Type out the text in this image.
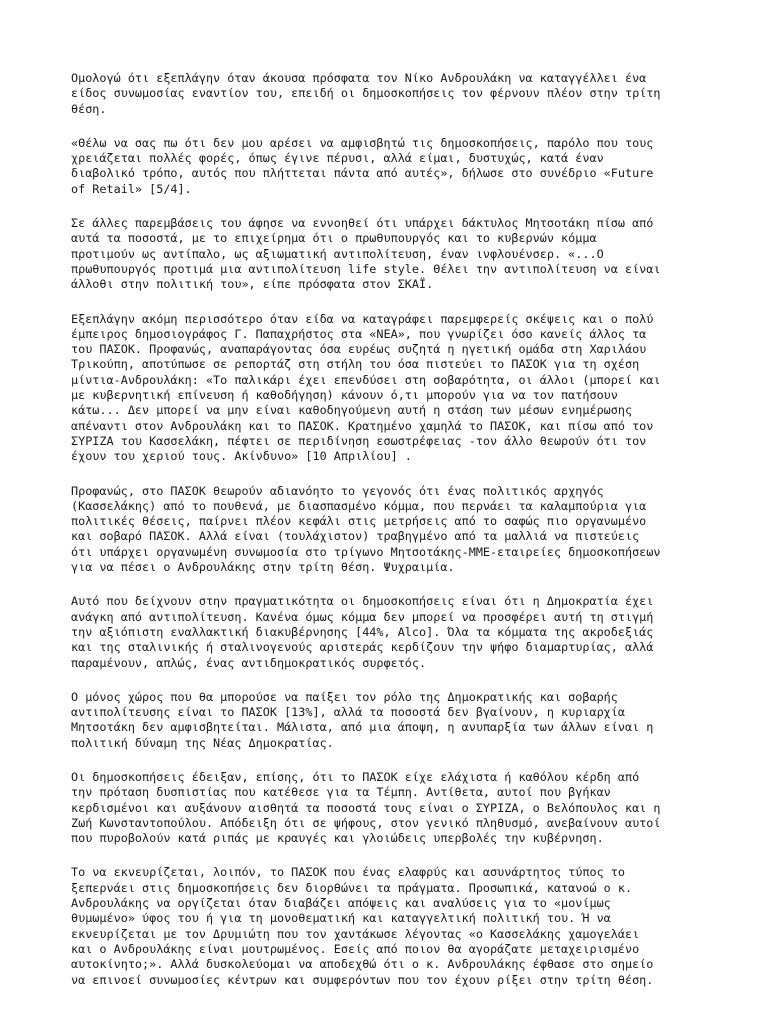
Ομολογώ ότι εξεπλάγην όταν άκουσα πρόσφατα τον Νίκο Ανδρουλάκη να καταγγέλλει ένα
είδος συνωμοσίας εναντίον του, επειδή οι δημοσκοπήσεις τον φέρνουν πλέον στην τρίτη
θέση.

«Θέλω να σας πω ότι δεν μου αρέσει να αμφισβητώ τις δημοσκοπήσεις, παρόλο που τους
χρειάζεται πολλές φορές, όπως έγινε πέρυσι, αλλά είμαι, δυστυχώς, κατά έναν
διαβολικό τρόπο, αυτός που πλήττεται πάντα από αυτές», δήλωσε στο συνέδριο «Future
of Retail» [5/4].

Σε άλλες παρεμβάσεις του άφησε να εννοηθεί ότι υπάρχει δάκτυλος Μητσοτάκη πίσω από
αυτά τα ποσοστά, με το επιχείρημα ότι ο πρωθυπουργός και το κυβερνών κόμμα
προτιμούν ως αντίπαλο, ως αξιωματική αντιπολίτευση, έναν ινφλουένσερ. «...Ο
πρωθυπουργός προτιμά μια αντιπολίτευση life style. Θέλει την αντιπολίτευση να είναι
άλλοθι στην πολιτική του», είπε πρόσφατα στον ΣΚΑΪ.

Εξεπλάγην ακόμη περισσότερο όταν είδα να καταγράφει παρεμφερείς σκέψεις και ο πολύ
έμπειρος δημοσιογράφος Γ. Παπαχρήστος στα «ΝΕΑ», που γνωρίζει όσο κανείς άλλος τα
του ΠΑΣΟΚ. Προφανώς, αναπαράγοντας όσα ευρέως συζητά η ηγετική ομάδα στη Χαριλάου
Τρικούπη, αποτύπωσε σε ρεπορτάζ στη στήλη του όσα πιστεύει το ΠΑΣΟΚ για τη σχέση
μίντια-Ανδρουλάκη: «Το παλικάρι έχει επενδύσει στη σοβαρότητα, οι άλλοι (μπορεί και
με κυβερνητική επίνευση ή καθοδήγηση) κάνουν ό,τι μπορούν για να τον πατήσουν
κάτω... Δεν μπορεί να μην είναι καθοδηγούμενη αυτή η στάση των μέσων ενημέρωσης
απέναντι στον Ανδρουλάκη και το ΠΑΣΟΚ. Κρατημένο χαμηλά το ΠΑΣΟΚ, και πίσω από τον
ΣΥΡΙΖΑ του Κασσελάκη, πέφτει σε περιδίνηση εσωστρέφειας -τον άλλο θεωρούν ότι τον
έχουν του χεριού τους. Ακίνδυνο» [10 Απριλίου] .

Προφανώς, στο ΠΑΣΟΚ θεωρούν αδιανόητο το γεγονός ότι ένας πολιτικός αρχηγός
(Κασσελάκης) από το πουθενά, με διασπασμένο κόμμα, που περνάει τα καλαμπούρια για
πολιτικές θέσεις, παίρνει πλέον κεφάλι στις μετρήσεις από το σαφώς πιο οργανωμένο
και σοβαρό ΠΑΣΟΚ. Αλλά είναι (τουλάχιστον) τραβηγμένο από τα μαλλιά να πιστεύεις
ότι υπάρχει οργανωμένη συνωμοσία στο τρίγωνο Μητσοτάκης-ΜΜΕ-εταιρείες δημοσκοπήσεων
για να πέσει ο Ανδρουλάκης στην τρίτη θέση. Ψυχραιμία.

Αυτό που δείχνουν στην πραγματικότητα οι δημοσκοπήσεις είναι ότι η Δημοκρατία έχει
ανάγκη από αντιπολίτευση. Κανένα όμως κόμμα δεν μπορεί να προσφέρει αυτή τη στιγμή
την αξιόπιστη εναλλακτική διακυβέρνησης [44%, Alco]. Όλα τα κόμματα της ακροδεξιάς
και της σταλινικής ή σταλινογενούς αριστεράς κερδίζουν την ψήφο διαμαρτυρίας, αλλά
παραμένουν, απλώς, ένας αντιδημοκρατικός συρφετός.

Ο μόνος χώρος που θα μπορούσε να παίξει τον ρόλο της Δημοκρατικής και σοβαρής
αντιπολίτευσης είναι το ΠΑΣΟΚ [13%], αλλά τα ποσοστά δεν βγαίνουν, η κυριαρχία
Μητσοτάκη δεν αμφισβητείται. Μάλιστα, από μια άποψη, η ανυπαρξία των άλλων είναι η
πολιτική δύναμη της Νέας Δημοκρατίας.

Οι δημοσκοπήσεις έδειξαν, επίσης, ότι το ΠΑΣΟΚ είχε ελάχιστα ή καθόλου κέρδη από
την πρόταση δυσπιστίας που κατέθεσε για τα Τέμπη. Αντίθετα, αυτοί που βγήκαν
κερδισμένοι και αυξάνουν αισθητά τα ποσοστά τους είναι ο ΣΥΡΙΖΑ, ο Βελόπουλος και η
Ζωή Κωνσταντοπούλου. Απόδειξη ότι σε ψήφους, στον γενικό πληθυσμό, ανεβαίνουν αυτοί
που πυροβολούν κατά ριπάς με κραυγές και γλοιώδεις υπερβολές την κυβέρνηση.

Το να εκνευρίζεται, λοιπόν, το ΠΑΣΟΚ που ένας ελαφρύς και ασυνάρτητος τύπος το
ξεπερνάει στις δημοσκοπήσεις δεν διορθώνει τα πράγματα. Προσωπικά, κατανοώ ο κ.
Ανδρουλάκης να οργίζεται όταν διαβάζει απόψεις και αναλύσεις για το «μονίμως
θυμωμένο» ύφος του ή για τη μονοθεματική και καταγγελτική πολιτική του. Ή να
εκνευρίζεται με τον Δρυμιώτη που τον χαντάκωσε λέγοντας «ο Κασσελάκης χαμογελάει
και ο Ανδρουλάκης είναι μουτρωμένος. Εσείς από ποιον θα αγοράζατε μεταχειρισμένο
αυτοκίνητο;». Αλλά δυσκολεύομαι να αποδεχθώ ότι ο κ. Ανδρουλάκης έφθασε στο σημείο
να επινοεί συνωμοσίες κέντρων και συμφερόντων που τον έχουν ρίξει στην τρίτη θέση.
